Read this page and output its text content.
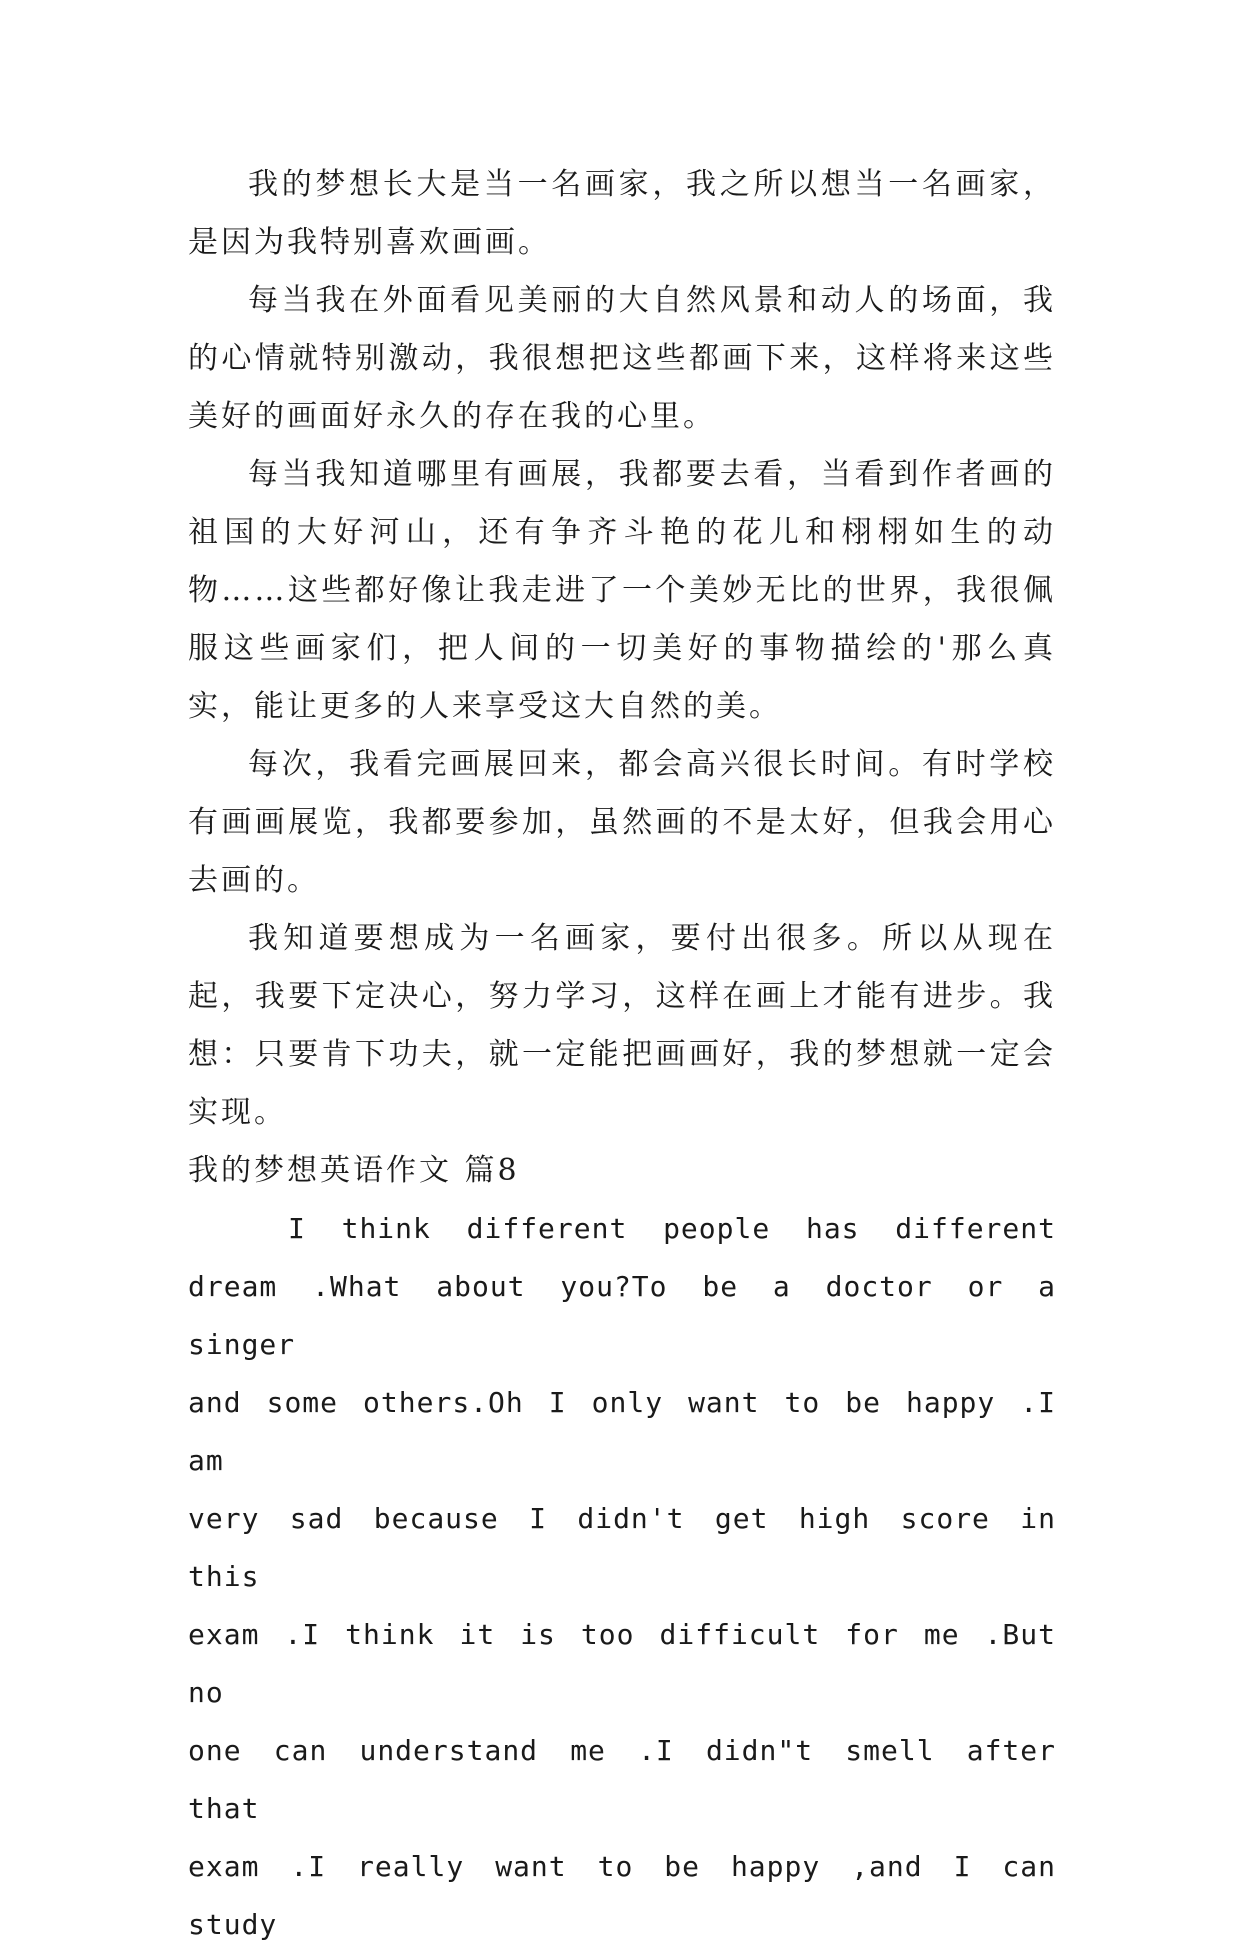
我的梦想长大是当一名画家，我之所以想当一名画家，是因为我特别喜欢画画。

每当我在外面看见美丽的大自然风景和动人的场面，我的心情就特别激动，我很想把这些都画下来，这样将来这些美好的画面好永久的存在我的心里。

每当我知道哪里有画展，我都要去看，当看到作者画的祖国的大好河山，还有争齐斗艳的花儿和栩栩如生的动物……这些都好像让我走进了一个美妙无比的世界，我很佩服这些画家们，把人间的一切美好的事物描绘的'那么真实，能让更多的人来享受这大自然的美。

每次，我看完画展回来，都会高兴很长时间。有时学校有画画展览，我都要参加，虽然画的不是太好，但我会用心去画的。

我知道要想成为一名画家，要付出很多。所以从现在起，我要下定决心，努力学习，这样在画上才能有进步。我想：只要肯下功夫，就一定能把画画好，我的梦想就一定会实现。

我的梦想英语作文 篇8

I think different people has different
dream .What about you?To be a doctor or a singer
and some others.Oh I only want to be happy .I am
very sad because I didn't get high score in this
exam .I think it is too difficult for me .But no
one can understand me .I didn"t smell after that
exam .I really want to be happy ,and I can study
